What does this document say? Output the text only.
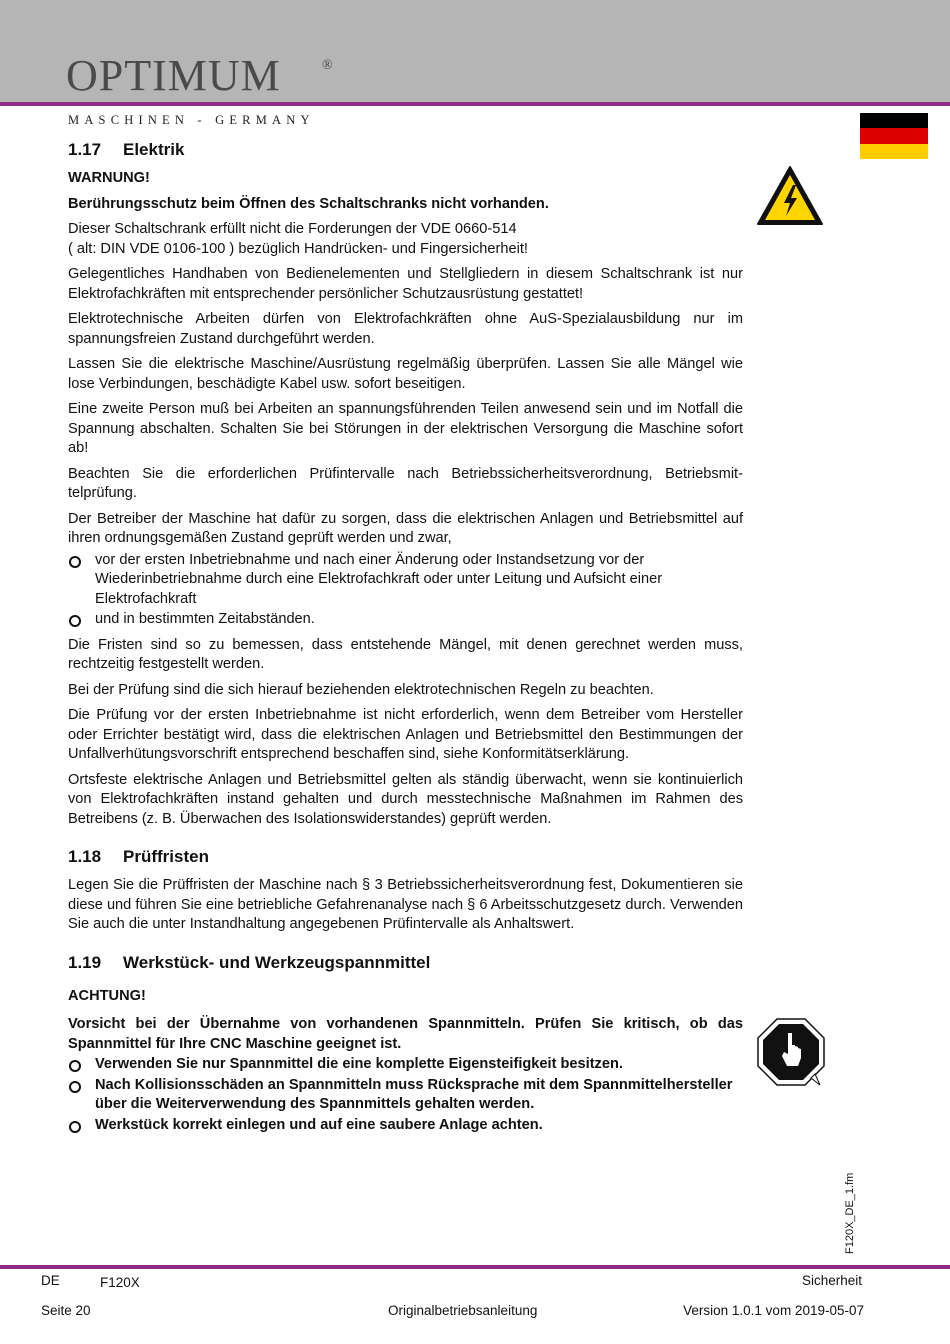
OPTIMUM	®
MASCHINEN - GERMANY
1.17 Elektrik

WARNUNG!

Berührungsschutz beim Öffnen des Schaltschranks nicht vorhanden.

Dieser Schaltschrank erfüllt nicht die Forderungen der VDE 0660-514
( alt: DIN VDE 0106-100 ) bezüglich Handrücken- und Fingersicherheit!

Gelegentliches Handhaben von Bedienelementen und Stellgliedern in diesem Schaltschrank ist nur Elektrofachkräften mit entsprechender persönlicher Schutzausrüstung gestattet!

Elektrotechnische Arbeiten dürfen von Elektrofachkräften ohne AuS-Spezialausbildung nur im spannungsfreien Zustand durchgeführt werden.

Lassen Sie die elektrische Maschine/Ausrüstung regelmäßig überprüfen. Lassen Sie alle Mängel wie lose Verbindungen, beschädigte Kabel usw. sofort beseitigen.

Eine zweite Person muß bei Arbeiten an spannungsführenden Teilen anwesend sein und im Notfall die Spannung abschalten. Schalten Sie bei Störungen in der elektrischen Versorgung die Maschine sofort ab!

Beachten Sie die erforderlichen Prüfintervalle nach Betriebssicherheitsverordnung, Betriebsmittelprüfung.

Der Betreiber der Maschine hat dafür zu sorgen, dass die elektrischen Anlagen und Betriebsmittel auf ihren ordnungsgemäßen Zustand geprüft werden und zwar,

vor der ersten Inbetriebnahme und nach einer Änderung oder Instandsetzung vor der Wiederinbetriebnahme durch eine Elektrofachkraft oder unter Leitung und Aufsicht einer Elektrofachkraft
und in bestimmten Zeitabständen.

Die Fristen sind so zu bemessen, dass entstehende Mängel, mit denen gerechnet werden muss, rechtzeitig festgestellt werden.

Bei der Prüfung sind die sich hierauf beziehenden elektrotechnischen Regeln zu beachten.

Die Prüfung vor der ersten Inbetriebnahme ist nicht erforderlich, wenn dem Betreiber vom Hersteller oder Errichter bestätigt wird, dass die elektrischen Anlagen und Betriebsmittel den Bestimmungen der Unfallverhütungsvorschrift entsprechend beschaffen sind, siehe Konformitätserklärung.

Ortsfeste elektrische Anlagen und Betriebsmittel gelten als ständig überwacht, wenn sie kontinuierlich von Elektrofachkräften instand gehalten und durch messtechnische Maßnahmen im Rahmen des Betreibens (z. B. Überwachen des Isolationswiderstandes) geprüft werden.

1.18 Prüffristen

Legen Sie die Prüffristen der Maschine nach § 3 Betriebssicherheitsverordnung fest, Dokumentieren sie diese und führen Sie eine betriebliche Gefahrenanalyse nach § 6 Arbeitsschutzgesetz durch. Verwenden Sie auch die unter Instandhaltung angegebenen Prüfintervalle als Anhaltswert.

1.19 Werkstück- und Werkzeugspannmittel

ACHTUNG!

Vorsicht bei der Übernahme von vorhandenen Spannmitteln. Prüfen Sie kritisch, ob das Spannmittel für Ihre CNC Maschine geeignet ist.

Verwenden Sie nur Spannmittel die eine komplette Eigensteifigkeit besitzen.
Nach Kollisionsschäden an Spannmitteln muss Rücksprache mit dem Spannmittelhersteller über die Weiterverwendung des Spannmittels gehalten werden.
Werkstück korrekt einlegen und auf eine saubere Anlage achten.
F120X_DE_1.fm
DE	F120X	Sicherheit
Seite 20	Originalbetriebsanleitung	Version 1.0.1 vom 2019-05-07
